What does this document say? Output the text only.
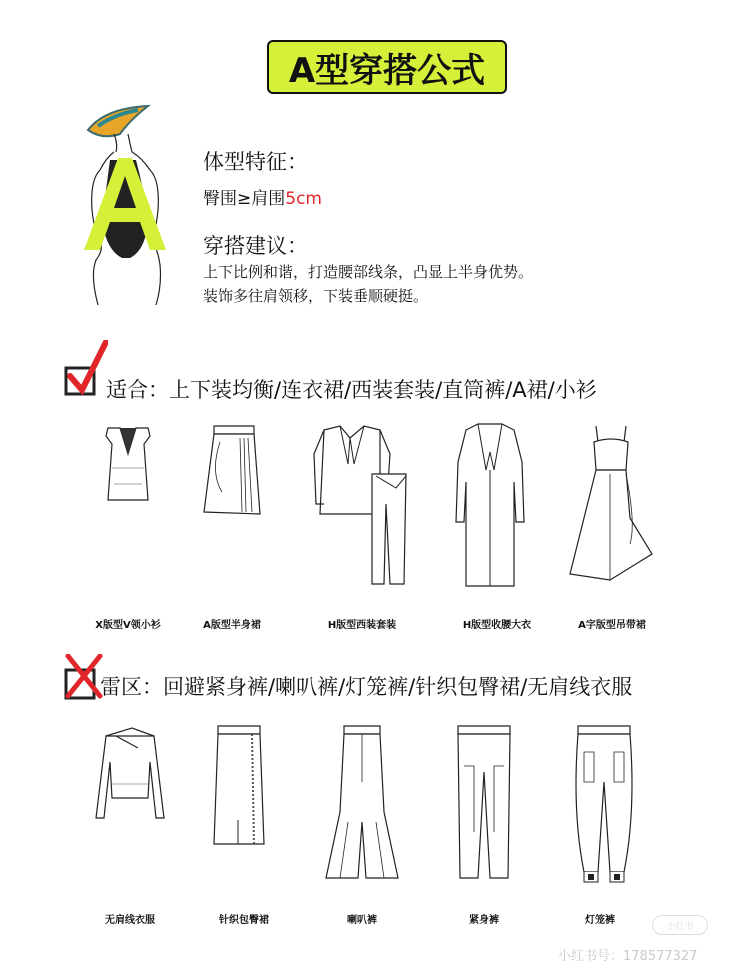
A型穿搭公式
体型特征：
臀围≥肩围5cm
穿搭建议：
上下比例和谐，打造腰部线条，凸显上半身优势。
装饰多往肩领移，下装垂顺硬挺。
适合：上下装均衡/连衣裙/西装套装/直筒裤/A裙/小衫
X版型V领小衫	A版型半身裙	H版型西装套装	H版型收腰大衣	A字版型吊带裙
雷区：回避紧身裤/喇叭裤/灯笼裤/针织包臀裙/无肩线衣服
无肩线衣服	针织包臀裙	喇叭裤	紧身裤	灯笼裤
小红书
小红书号：178577327
